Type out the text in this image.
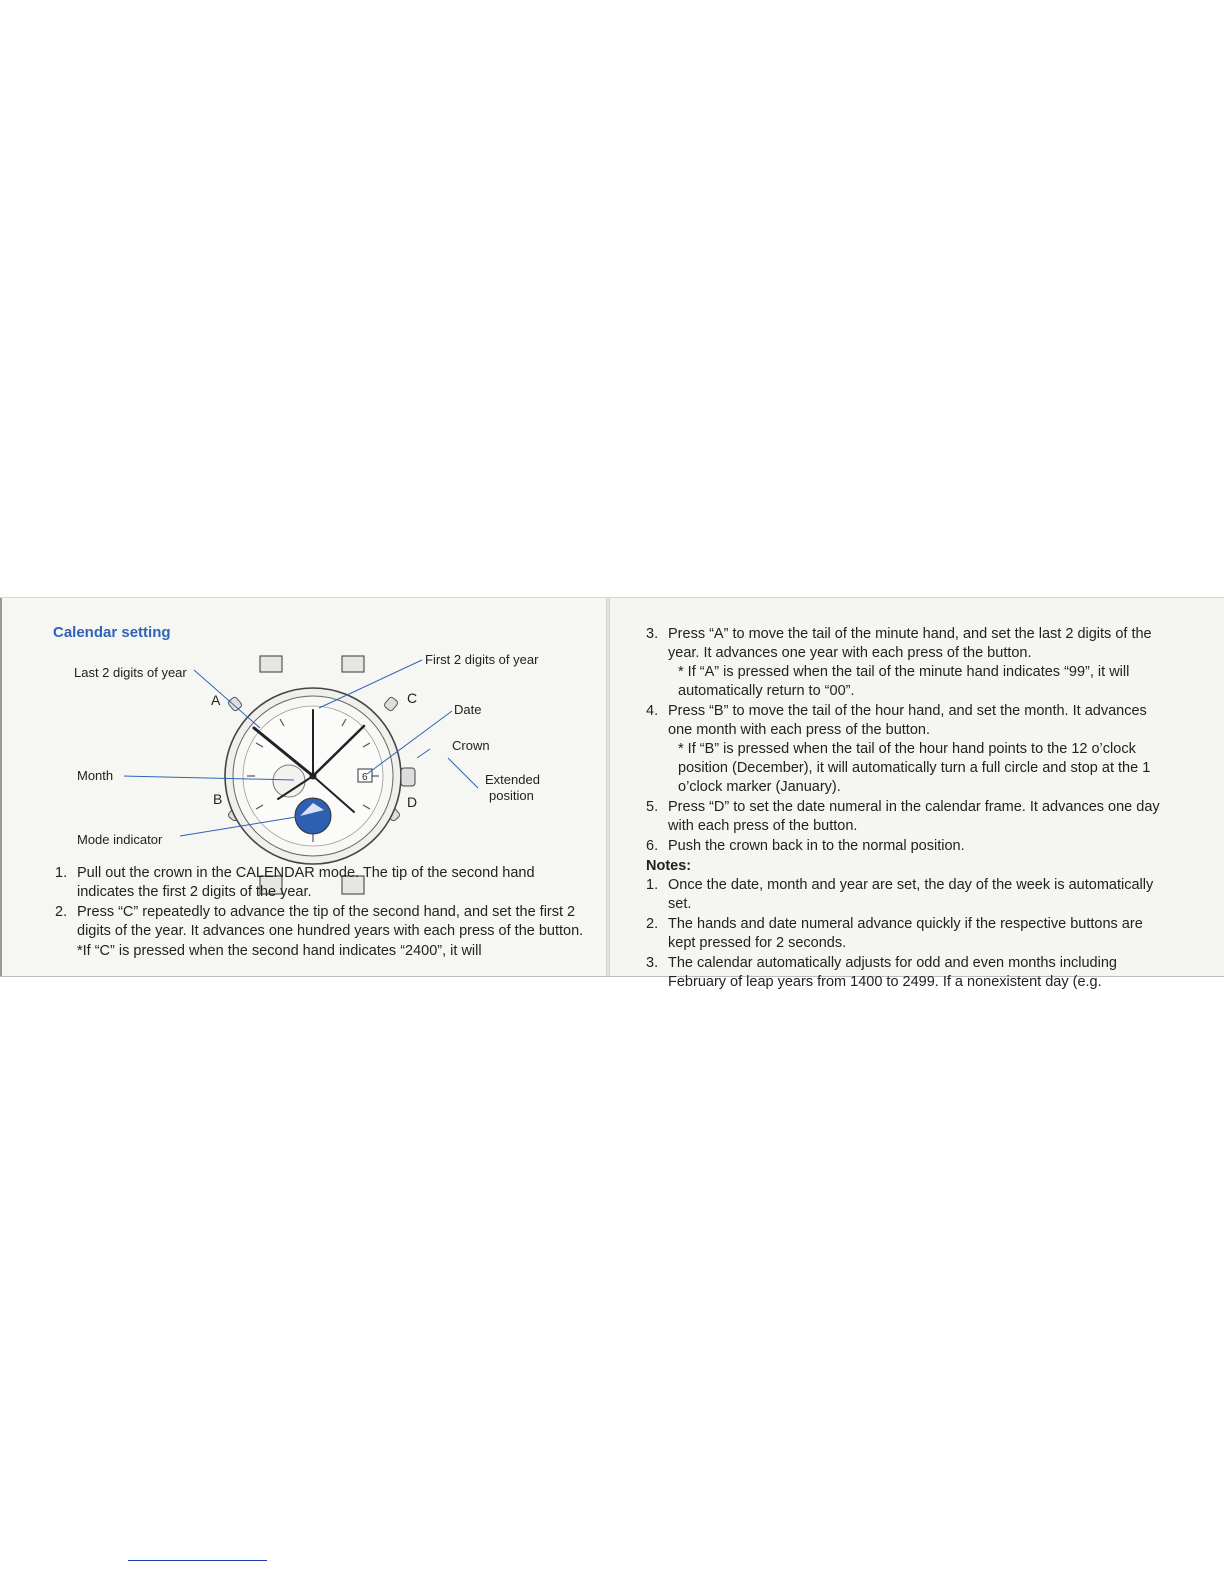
Calendar setting
6
Last 2 digits of year
First 2 digits of year
Date
Crown
Extended
position
Month
Mode indicator
A
B
C
D
1. Pull out the crown in the CALENDAR mode. The tip of the second hand indicates the first 2 digits of the year.
2. Press “C” repeatedly to advance the tip of the second hand, and set the first 2 digits of the year. It advances one hundred years with each press of the button.
*If “C” is pressed when the second hand indicates “2400”, it will
3. Press “A” to move the tail of the minute hand, and set the last 2 digits of the year. It advances one year with each press of the button.
* If “A” is pressed when the tail of the minute hand indicates “99”, it will automatically return to “00”.
4. Press “B” to move the tail of the hour hand, and set the month. It advances one month with each press of the button.
* If “B” is pressed when the tail of the hour hand points to the 12 o’clock position (December), it will automatically turn a full circle and stop at the 1 o’clock marker (January).
5. Press “D” to set the date numeral in the calendar frame. It advances one day with each press of the button.
6. Push the crown back in to the normal position.
Notes:
1. Once the date, month and year are set, the day of the week is automatically set.
2. The hands and date numeral advance quickly if the respective buttons are kept pressed for 2 seconds.
3. The calendar automatically adjusts for odd and even months including February of leap years from 1400 to 2499. If a nonexistent day (e.g.
